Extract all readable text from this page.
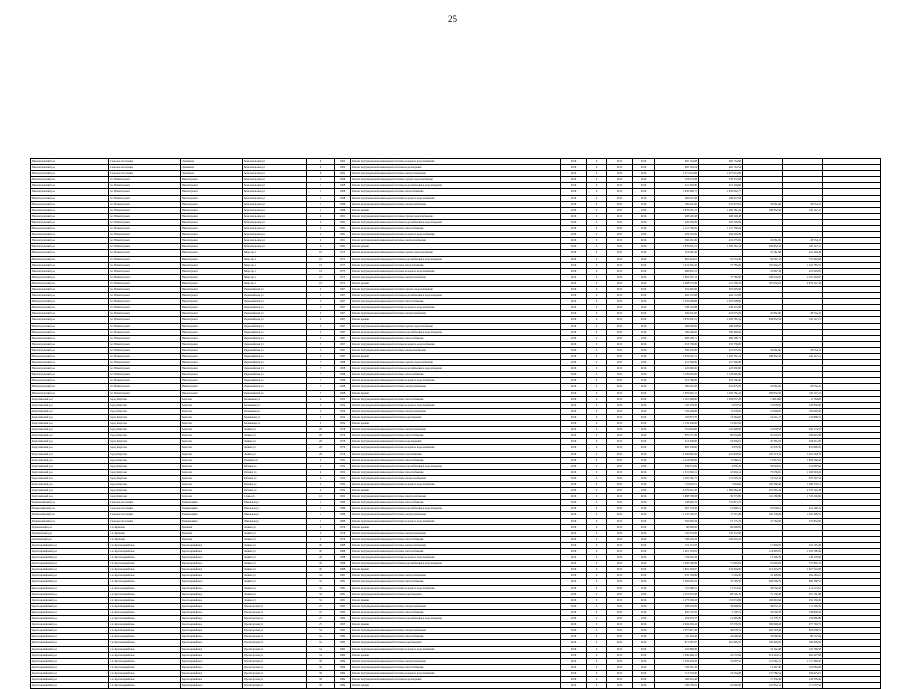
25
Нязепетровский р-н	Сельское поселение	Лукояново	Комсомольская ул	9	1962	Ремонт внутридомовой инженерной системы холодного водоснабжения	2016	0	2015	2016	485 154,98	485 154,98			
Нязепетровский р-н	Сельское поселение	Лукояново	Комсомольская ул	9	1962	Ремонт внутридомовой инженерной системы водоотведения	2016	0	2015	2016	465 744,54	465 744,54			
Нязепетровский р-н	Сельское поселение	Лукояново	Комсомольская ул	9	1962	Ремонт внутридомовой инженерной системы электроснабжения	2016	0	2015	2016	1 077 014,86	1 077 014,86			
Нязепетровский р-н	г.п. Нязепетровск	Нязепетровск	Комсомольская ул	1	1968	Ремонт внутридомовой инженерной системы горячего водоснабжения	2016	0	2015	2016	278 272,08	278 272,08			
Нязепетровский р-н	г.п. Нязепетровск	Нязепетровск	Комсомольская ул	1	1968	Ремонт внутридомовой инженерной системы водоснабжения и водоотведения	2016	0	2015	2016	415 349,80	415 349,80			
Нязепетровский р-н	г.п. Нязепетровск	Нязепетровск	Комсомольская ул	1	1968	Ремонт внутридомовой инженерной системы теплоснабжения	2016	0	2015	2016	1 050 662,77	1 050 662,77			
Нязепетровский р-н	г.п. Нязепетровск	Нязепетровск	Комсомольская ул	1	1968	Ремонт внутридомовой инженерной системы холодного водоснабжения	2016	0	2015	2016	206 637,08	206 637,08			
Нязепетровский р-н	г.п. Нязепетровск	Нязепетровск	Комсомольская ул	1	1968	Ремонт внутридомовой инженерной системы электроснабжения	2016	0	2015	2016	506 431,00	431 075,05	45 861,60	28 554,15	
Нязепетровский р-н	г.п. Нязепетровск	Нязепетровск	Комсомольская ул	1	1968	Ремонт крыши	2016	0	2015	2016	1 870 091,21	1 450 781,24	299 832,56	120 147,21	
Нязепетровский р-н	г.п. Нязепетровск	Нязепетровск	Комсомольская ул	2	1961	Ремонт внутридомовой инженерной системы горячего водоснабжения	2016	0	2015	2016	408 248,48	408 248,48			
Нязепетровский р-н	г.п. Нязепетровск	Нязепетровск	Комсомольская ул	2	1961	Ремонт внутридомовой инженерной системы водоснабжения и водоотведения	2016	0	2015	2016	429 326,09	429 326,09			
Нязепетровский р-н	г.п. Нязепетровск	Нязепетровск	Комсомольская ул	2	1961	Ремонт внутридомовой инженерной системы теплоснабжения	2016	0	2015	2016	1 121 766,09	1 121 766,09			
Нязепетровский р-н	г.п. Нязепетровск	Нязепетровск	Комсомольская ул	2	1961	Ремонт внутридомовой инженерной системы холодного водоснабжения	2016	0	2015	2016	204 243,69	204 243,69			
Нязепетровский р-н	г.п. Нязепетровск	Нязепетровск	Комсомольская ул	2	1961	Ремонт внутридомовой инженерной системы электроснабжения	2016	0	2015	2016	506 431,00	431 075,05	45 861,60	28 554,15	
Нязепетровский р-н	г.п. Нязепетровск	Нязепетровск	Комсомольская ул	2	1961	Ремонт крыши	2016	0	2015	2016	1 870 091,21	1 450 781,24	299 832,56	120 147,21	
Нязепетровский р-н	г.п. Нязепетровск	Нязепетровск	Мира пр-т	19	1975	Ремонт внутридомовой инженерной системы горячего водоснабжения	2016	0	2015	2016	476 081,46		52 581,98	423 499,48	
Нязепетровский р-н	г.п. Нязепетровск	Нязепетровск	Мира пр-т	19	1975	Ремонт внутридомовой инженерной системы водоснабжения и водоотведения	2016	0	2015	2016	892 424,61	52 374,40	84 587,13	755 463,08	
Нязепетровский р-н	г.п. Нязепетровск	Нязепетровск	Мира пр-т	19	1975	Ремонт внутридомовой инженерной системы теплоснабжения	2016	0	2015	2016	1 472 265,42	73 785,60	165 694,27	1 232 785,55	
Нязепетровский р-н	г.п. Нязепетровск	Нязепетровск	Мира пр-т	19	1975	Ремонт внутридомовой инженерной системы холодного водоснабжения	2016	0	2015	2016	466 931,21		52 987,36	413 943,85	
Нязепетровский р-н	г.п. Нязепетровск	Нязепетровск	Мира пр-т	19	1975	Ремонт внутридомовой инженерной системы электроснабжения	2016	0	2015	2016	1 803 267,12	73 785,60	168 216,65	1 561 264,87	
Нязепетровский р-н	г.п. Нязепетровск	Нязепетровск	Мира пр-т	19	1975	Ремонт крыши	2016	0	2015	2016	3 268 575,96	121 796,76	167 632,02	2 979 147,18	
Нязепетровский р-н	г.п. Нязепетровск	Нязепетровск	Первомайская ул	3	1967	Ремонт внутридомовой инженерной системы горячего водоснабжения	2016	0	2015	2016	291 605,66	291 605,66			
Нязепетровский р-н	г.п. Нязепетровск	Нязепетровск	Первомайская ул	3	1967	Ремонт внутридомовой инженерной системы водоснабжения и водоотведения	2016	0	2015	2016	426 172,08	426 172,08			
Нязепетровский р-н	г.п. Нязепетровск	Нязепетровск	Первомайская ул	3	1967	Ремонт внутридомовой инженерной системы теплоснабжения	2016	0	2015	2016	1 055 008,86	1 055 008,86			
Нязепетровский р-н	г.п. Нязепетровск	Нязепетровск	Первомайская ул	3	1967	Ремонт внутридомовой инженерной системы холодного водоснабжения	2016	0	2015	2016	238 125,88	238 125,88			
Нязепетровский р-н	г.п. Нязепетровск	Нязепетровск	Первомайская ул	3	1967	Ремонт внутридомовой инженерной системы электроснабжения	2016	0	2015	2016	506 431,00	431 075,05	45 861,60	28 554,15	
Нязепетровский р-н	г.п. Нязепетровск	Нязепетровск	Первомайская ул	3	1967	Ремонт крыши	2016	0	2015	2016	1 870 091,21	1 450 781,24	299 832,56	120 147,21	
Нязепетровский р-н	г.п. Нязепетровск	Нязепетровск	Первомайская ул	5	1967	Ремонт внутридомовой инженерной системы горячего водоснабжения	2016	0	2015	2016	306 658,00	306 658,00			
Нязепетровский р-н	г.п. Нязепетровск	Нязепетровск	Первомайская ул	5	1967	Ремонт внутридомовой инженерной системы водоснабжения и водоотведения	2016	0	2015	2016	399 499,00	399 499,00			
Нязепетровский р-н	г.п. Нязепетровск	Нязепетровск	Первомайская ул	5	1967	Ремонт внутридомовой инженерной системы теплоснабжения	2016	0	2015	2016	966 206,71	966 206,71			
Нязепетровский р-н	г.п. Нязепетровск	Нязепетровск	Первомайская ул	5	1967	Ремонт внутридомовой инженерной системы холодного водоснабжения	2016	0	2015	2016	253 758,00	253 758,00			
Нязепетровский р-н	г.п. Нязепетровск	Нязепетровск	Первомайская ул	5	1967	Ремонт внутридомовой инженерной системы электроснабжения	2016	0	2015	2016	506 431,00	431 075,05	45 861,60	28 554,15	
Нязепетровский р-н	г.п. Нязепетровск	Нязепетровск	Первомайская ул	5	1967	Ремонт крыши	2016	0	2015	2016	1 870 091,21	1 450 781,24	299 832,56	120 147,21	
Нязепетровский р-н	г.п. Нязепетровск	Нязепетровск	Первомайская ул	7	1968	Ремонт внутридомовой инженерной системы горячего водоснабжения	2016	0	2015	2016	415 348,00	415 348,00			
Нязепетровский р-н	г.п. Нязепетровск	Нязепетровск	Первомайская ул	7	1968	Ремонт внутридомовой инженерной системы водоснабжения и водоотведения	2016	0	2015	2016	425 690,00	425 690,00			
Нязепетровский р-н	г.п. Нязепетровск	Нязепетровск	Первомайская ул	7	1968	Ремонт внутридомовой инженерной системы теплоснабжения	2016	0	2015	2016	1 129 695,00	1 129 695,00			
Нязепетровский р-н	г.п. Нязепетровск	Нязепетровск	Первомайская ул	7	1968	Ремонт внутридомовой инженерной системы холодного водоснабжения	2016	0	2015	2016	254 766,00	254 766,00			
Нязепетровский р-н	г.п. Нязепетровск	Нязепетровск	Первомайская ул	7	1968	Ремонт внутридомовой инженерной системы электроснабжения	2016	0	2015	2016	506 431,00	431 075,05	45 861,60	28 554,15	
Нязепетровский р-н	г.п. Нязепетровск	Нязепетровск	Первомайская ул	7	1968	Ремонт крыши	2016	0	2015	2016	1 870 091,21	1 450 781,24	299 832,56	120 147,21	
Карталинский р-н	город Карталы	Карталы	Калмыкова ул	2	1954	Ремонт внутридомовой инженерной системы теплоснабжения	2016	0	2015	2016	1 561 348,00	1 303 037,20	1 406 400	11 764,00	
Карталинский р-н	город Карталы	Карталы	Калмыкова ул	2	1954	Ремонт внутридомовой инженерной системы холодного водоснабжения	2016	0	2015	2016	145 478,50	4 653,52	13 678,00	126 836,80	
Карталинский р-н	город Карталы	Карталы	Калмыкова ул	2	1954	Ремонт внутридомовой инженерной системы электроснабжения	2016	0	2015	2016	129 428,00	11 478,00	12 648,00	105 992,00	
Карталинский р-н	город Карталы	Карталы	Калмыкова ул	2	1954	Ремонт внутридомовой инженерной системы водоотведения	2016	0	2015	2016	165 873,70	14 584,02	16 421,17	134 868,51	
Карталинский р-н	город Карталы	Карталы	Калмыкова ул	2	1954	Ремонт крыши	2016	0	2015	2016	1 156 456,00	15 847,00			
Карталинский р-н	город Карталы	Карталы	Ленина ул	29	1976	Ремонт внутридомовой инженерной системы электроснабжения	2016	0	2015	2016	331 603,00	116 448,00	12 018,58	204 174,57	
Карталинский р-н	город Карталы	Карталы	Ленина ул	29	1976	Ремонт внутридомовой инженерной системы теплоснабжения	2016	0	2015	2016	870 371,99	60 254,09	42 476,01	364 925,98	
Карталинский р-н	город Карталы	Карталы	Ленина ул	29	1976	Ремонт внутридомовой инженерной системы водоотведения	2016	0	2015	2016	513 458,00	10 956,01	25 381,62	426 911,00	
Карталинский р-н	город Карталы	Карталы	Ленина ул	29	1976	Ремонт внутридомовой инженерной системы холодного водоснабжения	2016	0	2015	2016	683 136,00	2 879,50	47 676,32	631 890,22	
Карталинский р-н	город Карталы	Карталы	Ленина ул	29	1976	Ремонт внутридомовой инженерной системы газоснабжения	2016	0	2015	2016	2 166 962,26	225 659,00	105 513,31	1 461 564,70	
Карталинский р-н	город Карталы	Карталы	Пушкина ул	4	1951	Ремонт внутридомовой инженерной системы теплоснабжения	2016	0	2015	2016	2 116 048,96	11 666,25	73 847,65	1 629 569,28	
Карталинский р-н	город Карталы	Карталы	Ребенка ул	4	1952	Ремонт внутридомовой инженерной системы водоснабжения и водоотведения	2016	0	2015	2016	529 074,66	4 876,25	59 643,61	314 697,84	
Карталинский р-н	город Карталы	Карталы	Ребенка ул	4	1952	Ремонт внутридомовой инженерной системы теплоснабжения	2016	0	2015	2016	1 531 092,21	10 904,14	75 039,81	1 290 963,22	
Карталинский р-н	город Карталы	Карталы	Ребенка ул	4	1952	Ремонт внутридомовой инженерной системы электроснабжения	2016	0	2015	2016	1 265 281,77	211 545,25	74 532,19	979 167,54	
Карталинский р-н	город Карталы	Карталы	Ребенка ул	4	1952	Ремонт внутридомовой инженерной системы холодного водоснабжения	2016	0	2015	2016	176 845,01	1 004,66	100 580,46	1 496 370,72	
Карталинский р-н	город Карталы	Карталы	Ребенка ул	4	1952	Ремонт крыши	2016	0	2015	2016	4 079 621,20	1 300 084,45	167 691,24	2 578 145,28	
Карталинский р-н	город Карталы	Карталы	Славы ул	12	1962	Ремонт внутридомовой инженерной системы электроснабжения	2016	0	2015	2016	1 888 798,08	30 573,86	116 180,80	1 743 200,00	
Еманжелинский р-н	Сельское поселение	Еманжелинка	Школьная ул	1	1986	Ремонт внутридомовой инженерной системы теплоснабжения	2016	0	2015	2016	148 900,12	152 815,27			
Еманжелинский р-н	Сельское поселение	Еманжелинка	Школьная ул	1	1986	Ремонт внутридомовой инженерной системы водоснабжения и водоотведения	2016	0	2015	2016	497 279,28	12 906,21	62 658,61	412 590,22	
Еманжелинский р-н	Сельское поселение	Еманжелинка	Школьная ул	1	1986	Ремонт внутридомовой инженерной системы электроснабжения	2016	0	2015	2016	1 135 195,55	17 511,00	192 138,62	1 025 498,51	
Еманжелинский р-н	Сельское поселение	Еманжелинка	Школьная ул	1	1986	Ремонт внутридомовой инженерной системы холодного водоснабжения	2016	0	2015	2016	392 605,94	15 175,23	27 562,06	519 852,00	
Кунашакский р-н	с.п. Кунашак	Кунашак	Ленина ул	2	1976	Ремонт крыши	2016	0	2015	2016	90 690,00	90 690,00			
Кунашакский р-н	с.п. Кунашак	Кунашак	Ленина ул	2	1976	Ремонт внутридомовой инженерной системы электроснабжения	2016	0	2015	2016	150 372,00	150 372,00			
Кунашакский р-н	с.п. Кунашак	Кунашак	Ленина ул	2	1976	Ремонт внутридомовой инженерной системы теплоснабжения	2016	0	2015	2016	196 503,22	196 503,22			
Красноармейский р-н	с.п. Красноармейское	Красноармейское	Ленина ул	4б	1988	Ремонт внутридомовой инженерной системы электроснабжения	2016	0	2015	2016	152 272,03		17 606,05	122 105,28	
Красноармейский р-н	с.п. Красноармейское	Красноармейское	Ленина ул	4б	1988	Ремонт внутридомовой инженерной системы теплоснабжения	2016	0	2015	2016	1 261 718,81		114 695,03	1 102 796,49	
Красноармейский р-н	с.п. Красноармейское	Красноармейское	Ленина ул	4б	1988	Ремонт внутридомовой инженерной системы холодного водоснабжения	2016	0	2015	2016	159 603,16		13 496,29	146 118,96	
Красноармейский р-н	с.п. Красноармейское	Красноармейское	Ленина ул	4б	1988	Ремонт внутридомовой инженерной системы водоснабжения и водоотведения	2016	0	2015	2016	1 030 590,69	71 695,62	91 840,06	575 895,13	
Красноармейский р-н	с.п. Красноармейское	Красноармейское	Ленина ул	4б	1988	Ремонт крыши	2016	0	2015	2016	1 891 204,67	234 604,90	161 623,07	1 627 524,58	
Красноармейский р-н	с.п. Красноармейское	Красноармейское	Ленина ул	34	1981	Ремонт внутридомовой инженерной системы электроснабжения	2016	0	2015	2016	255 159,86	5 504,30	52 428,89	182 484,21	
Красноармейский р-н	с.п. Красноармейское	Красноармейское	Ленина ул	34	1981	Ремонт внутридомовой инженерной системы теплоснабжения	2016	0	2015	2016	1 369 961,61	70 165,50	208 566,79	860 580,51	
Красноармейский р-н	с.п. Красноармейское	Красноармейское	Ленина ул	34	1981	Ремонт внутридомовой инженерной системы холодного водоснабжения	2016	0	2015	2016	152 998,21	12 374,44	26 059,28	114 515,81	
Красноармейский р-н	с.п. Красноармейское	Красноармейское	Ленина ул	34	1981	Ремонт внутридомовой инженерной системы водоотведения	2016	0	2015	2016	1 251 976,48	68 126,15	75 158,45	507 191,88	
Красноармейский р-н	с.п. Красноармейское	Красноармейское	Ленина ул	34	1981	Ремонт крыши	2016	0	2015	2016	1 275 006,93	153 074,86	196 843,96	454 169,20	
Красноармейский р-н	с.п. Красноармейское	Красноармейское	Пролетарская ул	25	1963	Ремонт внутридомовой инженерной системы электроснабжения	2016	0	2015	2016	269 918,86	36 669,09	36 031,27	111 196,79	
Красноармейский р-н	с.п. Красноармейское	Красноармейское	Пролетарская ул	25	1963	Ремонт внутридомовой инженерной системы теплоснабжения	2016	0	2015	2016	626 135,05	2 728,74	42 958,78	128 848,99	
Красноармейский р-н	с.п. Красноармейское	Красноармейское	Пролетарская ул	25	1963	Ремонт внутридомовой инженерной системы водоснабжения и водоотведения	2016	0	2015	2016	404 933,37	12 965,89	61 378,37	159 980,89	
Красноармейский р-н	с.п. Красноармейское	Красноармейское	Пролетарская ул	25	1963	Ремонт крыши	2016	0	2015	2016	2 962 650,44	97 376,35	590 848,28	677 763,75	
Красноармейский р-н	с.п. Красноармейское	Красноармейское	Пролетарская ул	54	1982	Ремонт внутридомовой инженерной системы электроснабжения	2016	0	2015	2016	1 077 027,48	43 078,74	264 183,46	697 658,72	
Красноармейский р-н	с.п. Красноармейское	Красноармейское	Пролетарская ул	54	1982	Ремонт внутридомовой инженерной системы теплоснабжения	2016	0	2015	2016	147 449,28	43 448,96	35 966,99	90 557,84	
Красноармейский р-н	с.п. Красноармейское	Красноармейское	Пролетарская ул	54	1982	Ремонт внутридомовой инженерной системы водоотведения	2016	0	2015	2016	871 287,87	201 965,55	158 446,81	540 906,92	
Красноармейский р-н	с.п. Красноармейское	Красноармейское	Пролетарская ул	54	1982	Ремонт внутридомовой инженерной системы холодного водоснабжения	2016	0	2015	2016	161 889,66		16 142,48	145 768,58	
Красноармейский р-н	с.п. Красноармейское	Красноармейское	Пролетарская ул	54	1982	Ремонт крыши	2016	0	2015	2016	1 049 466,21	22 572,84	313 244,51	463 427,68	
Красноармейский р-н	с.п. Красноармейское	Красноармейское	Пролетарская ул	58	1984	Ремонт внутридомовой инженерной системы электроснабжения	2016	0	2015	2016	1 329 470,45	74 697,22	115 091,21	1 171 489,20	
Красноармейский р-н	с.п. Красноармейское	Красноармейское	Пролетарская ул	58	1984	Ремонт внутридомовой инженерной системы теплоснабжения	2016	0	2015	2016	136 351,10		13 467,40	123 084,96	
Красноармейский р-н	с.п. Красноармейское	Красноармейское	Пролетарская ул	58	1984	Ремонт внутридомовой инженерной системы холодного водоснабжения	2016	0	2015	2016	713 516,00	23 434,08	131 780,54	294 625,01	
Красноармейский р-н	с.п. Красноармейское	Красноармейское	Пролетарская ул	58	1984	Ремонт внутридомовой инженерной системы водоотведения	2016	0	2015	2016	160 016,46		17 256,46	143 376,46	
Красноармейский р-н	с.п. Красноармейское	Красноармейское	Пролетарская ул	58	1984	Ремонт крыши	2016	0	2015	2016	766 556,91	22 640,00	101 834,12	171 037,92	
